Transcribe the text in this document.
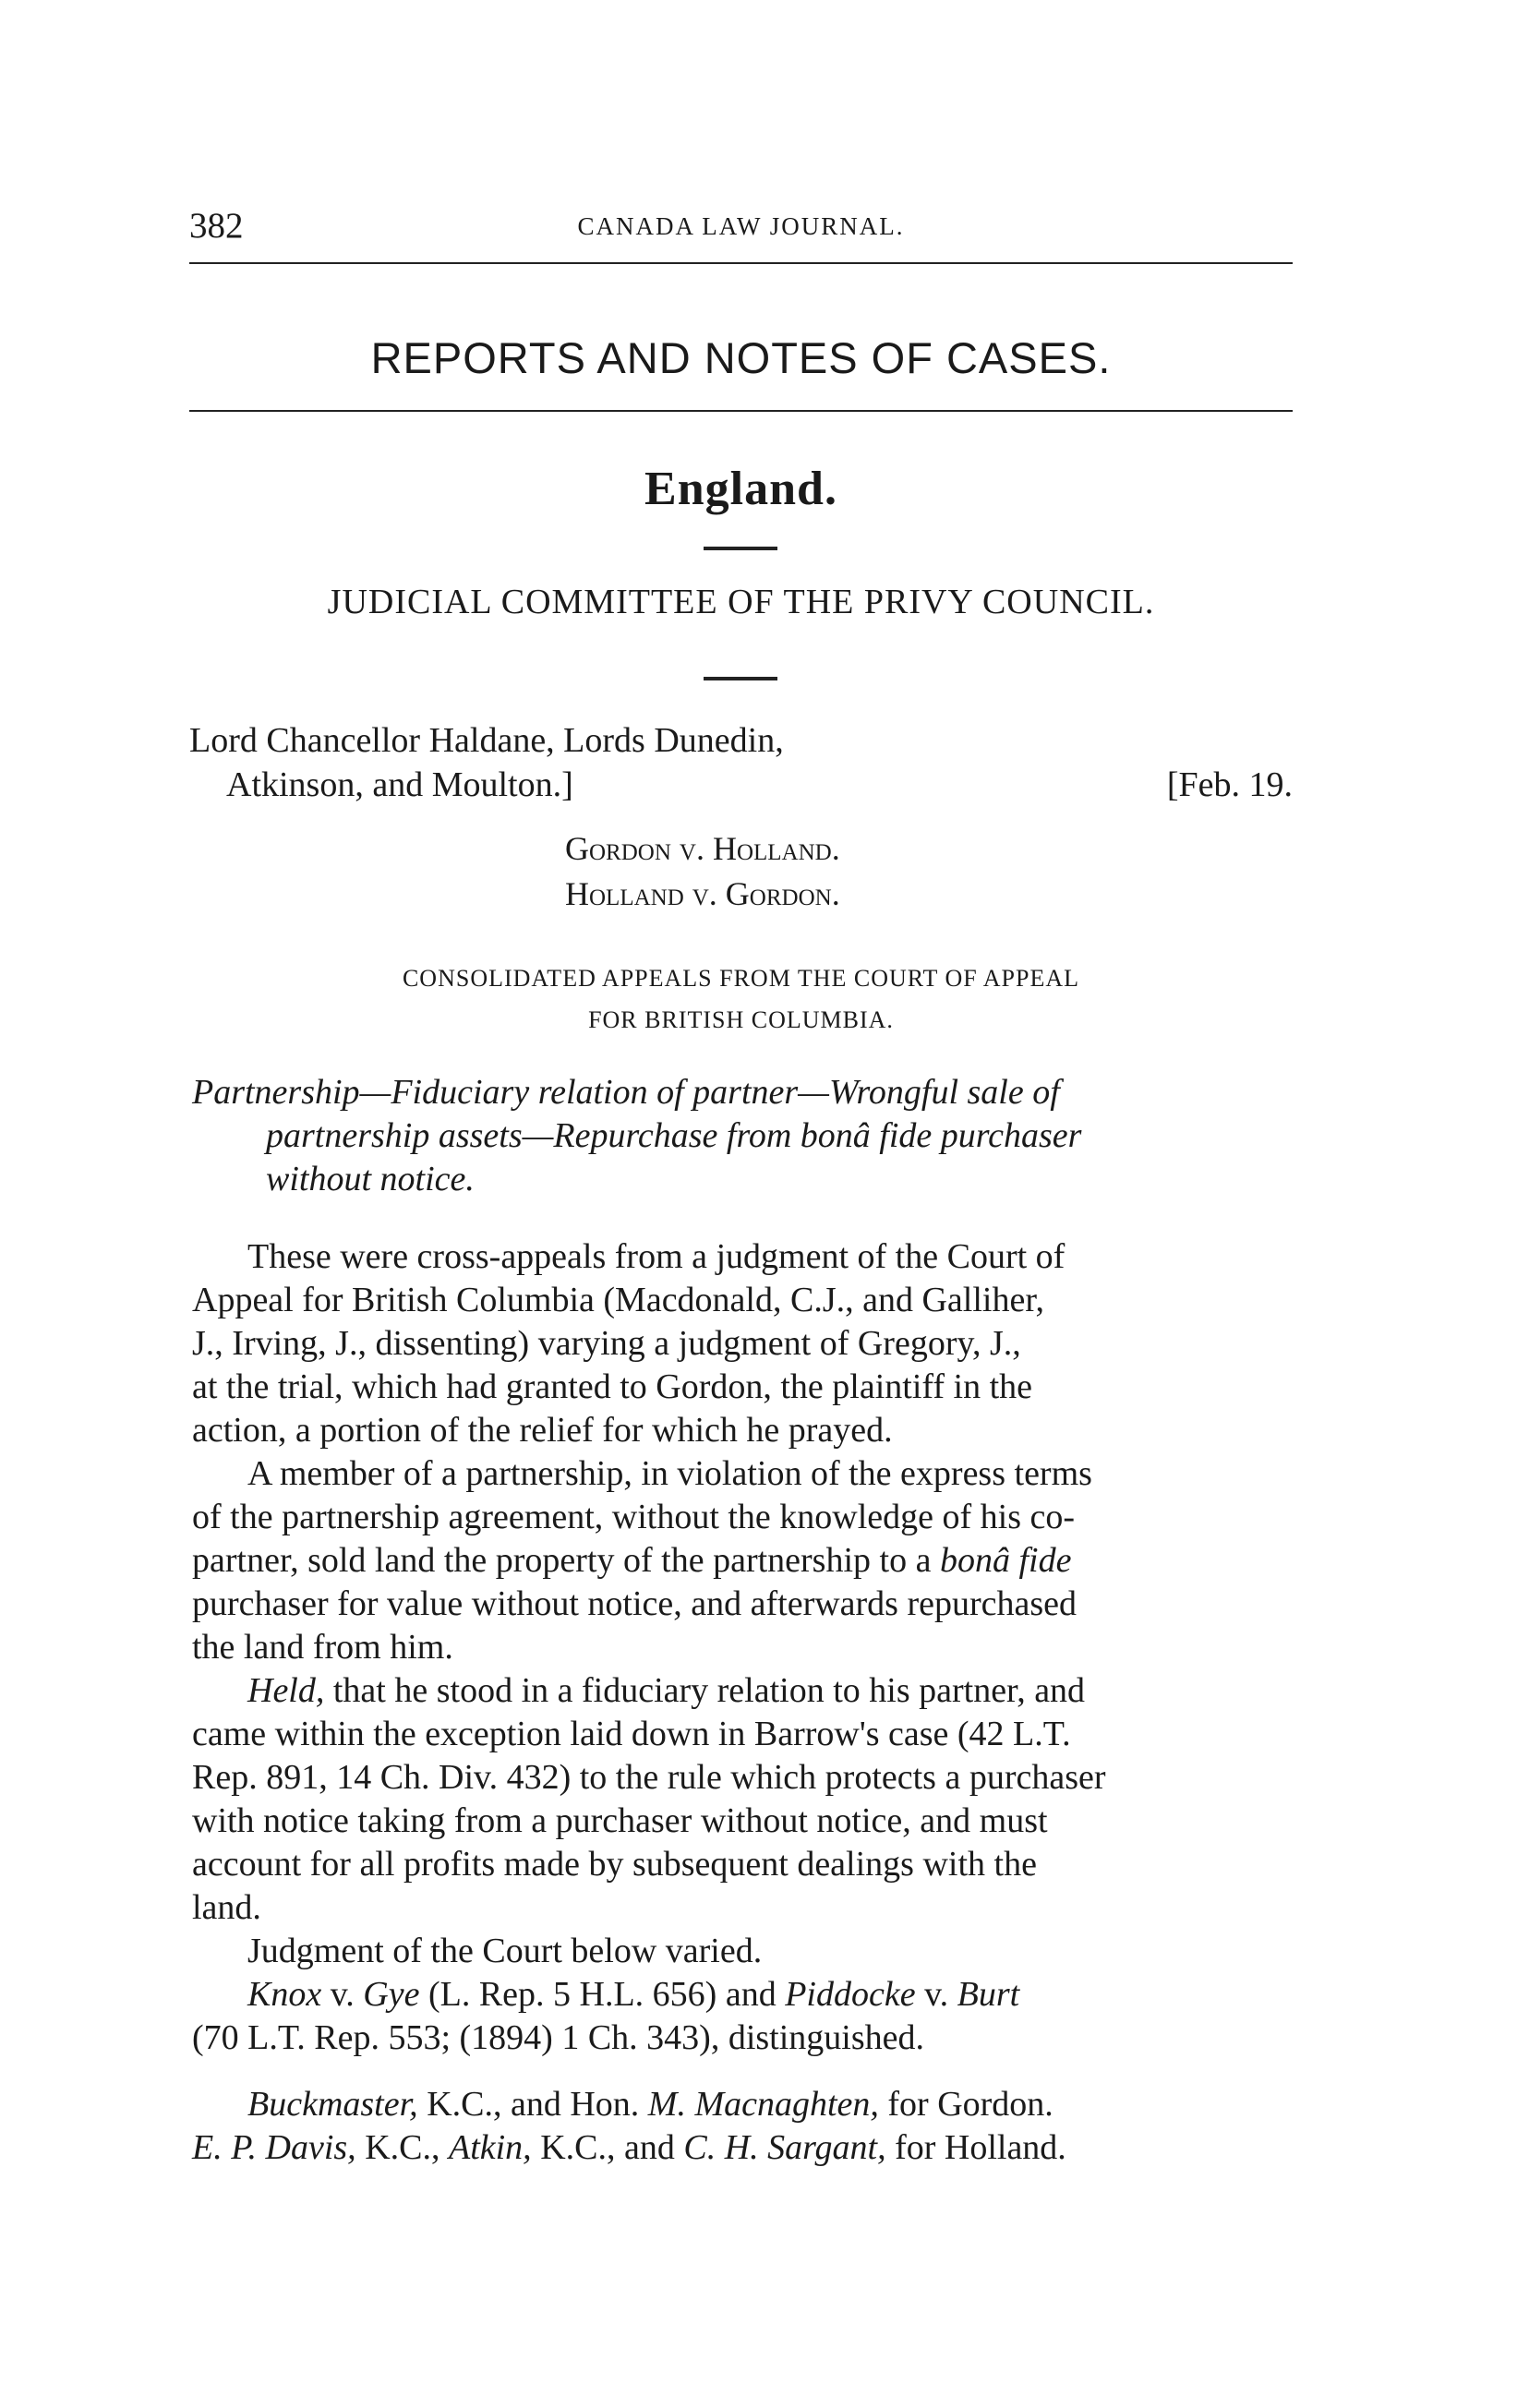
382	CANADA LAW JOURNAL.
REPORTS AND NOTES OF CASES.
England.
JUDICIAL COMMITTEE OF THE PRIVY COUNCIL.
Lord Chancellor Haldane, Lords Dunedin,
Atkinson, and Moulton.]	[Feb. 19.
Gordon v. Holland.
Holland v. Gordon.
CONSOLIDATED APPEALS FROM THE COURT OF APPEAL
FOR BRITISH COLUMBIA.
Partnership—Fiduciary relation of partner—Wrongful sale of
partnership assets—Repurchase from bonâ fide purchaser
without notice.
These were cross-appeals from a judgment of the Court of
Appeal for British Columbia (Macdonald, C.J., and Galliher,
J., Irving, J., dissenting) varying a judgment of Gregory, J.,
at the trial, which had granted to Gordon, the plaintiff in the
action, a portion of the relief for which he prayed.
A member of a partnership, in violation of the express terms
of the partnership agreement, without the knowledge of his co-
partner, sold land the property of the partnership to a bonâ fide
purchaser for value without notice, and afterwards repurchased
the land from him.
Held, that he stood in a fiduciary relation to his partner, and
came within the exception laid down in Barrow's case (42 L.T.
Rep. 891, 14 Ch. Div. 432) to the rule which protects a purchaser
with notice taking from a purchaser without notice, and must
account for all profits made by subsequent dealings with the
land.
Judgment of the Court below varied.
Knox v. Gye (L. Rep. 5 H.L. 656) and Piddocke v. Burt
(70 L.T. Rep. 553; (1894) 1 Ch. 343), distinguished.
Buckmaster, K.C., and Hon. M. Macnaghten, for Gordon.
E. P. Davis, K.C., Atkin, K.C., and C. H. Sargant, for Holland.
